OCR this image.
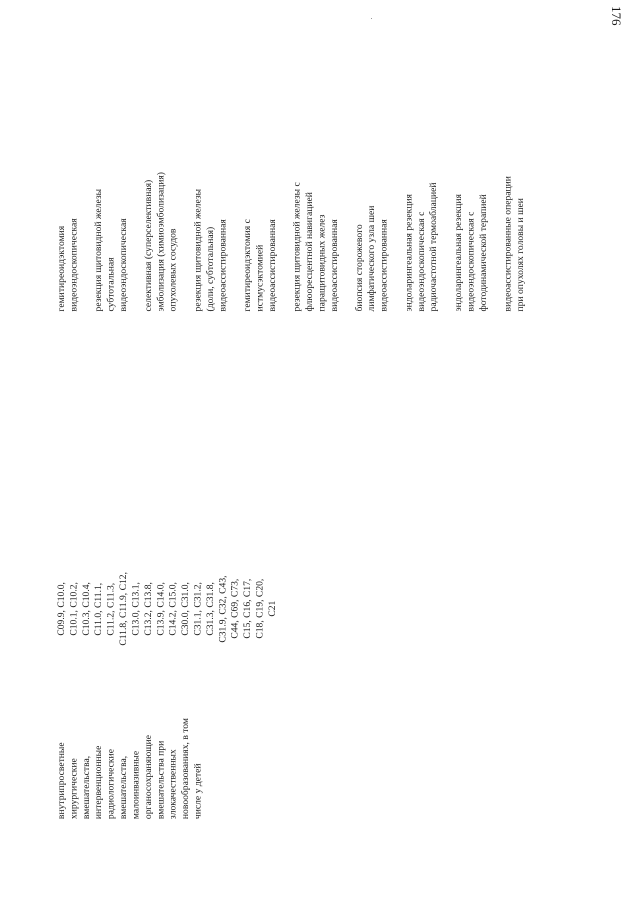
176
внутрипросветные хирургические вмешательства, интервенционные радиологические вмешательства, малоинвазивные органосохраняющие вмешательства при злокачественных новообразованиях, в том числе у детей
C09.9, C10.0, C10.1, C10.2, C10.3, C10.4, C11.0, C11.1, C11.2, C11.3, C11.8, C11.9, C12, C13.0, C13.1, C13.2, C13.8, C13.9, C14.0, C14.2, C15.0, C30.0, C31.0, C31.1, C31.2, C31.3, C31.8, C31.9, C32, C43, C44, C69, C73, C15, C16, C17, C18, C19, C20, C21
гемитиреоидэктомия видеоэндоскопическая
резекция щитовидной железы субтотальная видеоэндоскопическая
селективная (суперселективная) эмболизация (химиоэмболизация) опухолевых сосудов
резекция щитовидной железы (доли, субтотальная) видеоассистированная
гемитиреоидэктомия с истмусэктомией видеоассистированная
резекция щитовидной железы с флюоресцентной навигацией паращитовидных желез видеоассистированная
биопсия сторожевого лимфатического узла шеи видеоассистированная
эндоларингеальная резекция видеоэндоскопическая с радиочастотной термоаблацией
эндоларингеальная резекция видеоэндоскопическая с фотодинамической терапией
видеоассистированные операции при опухолях головы и шеи
